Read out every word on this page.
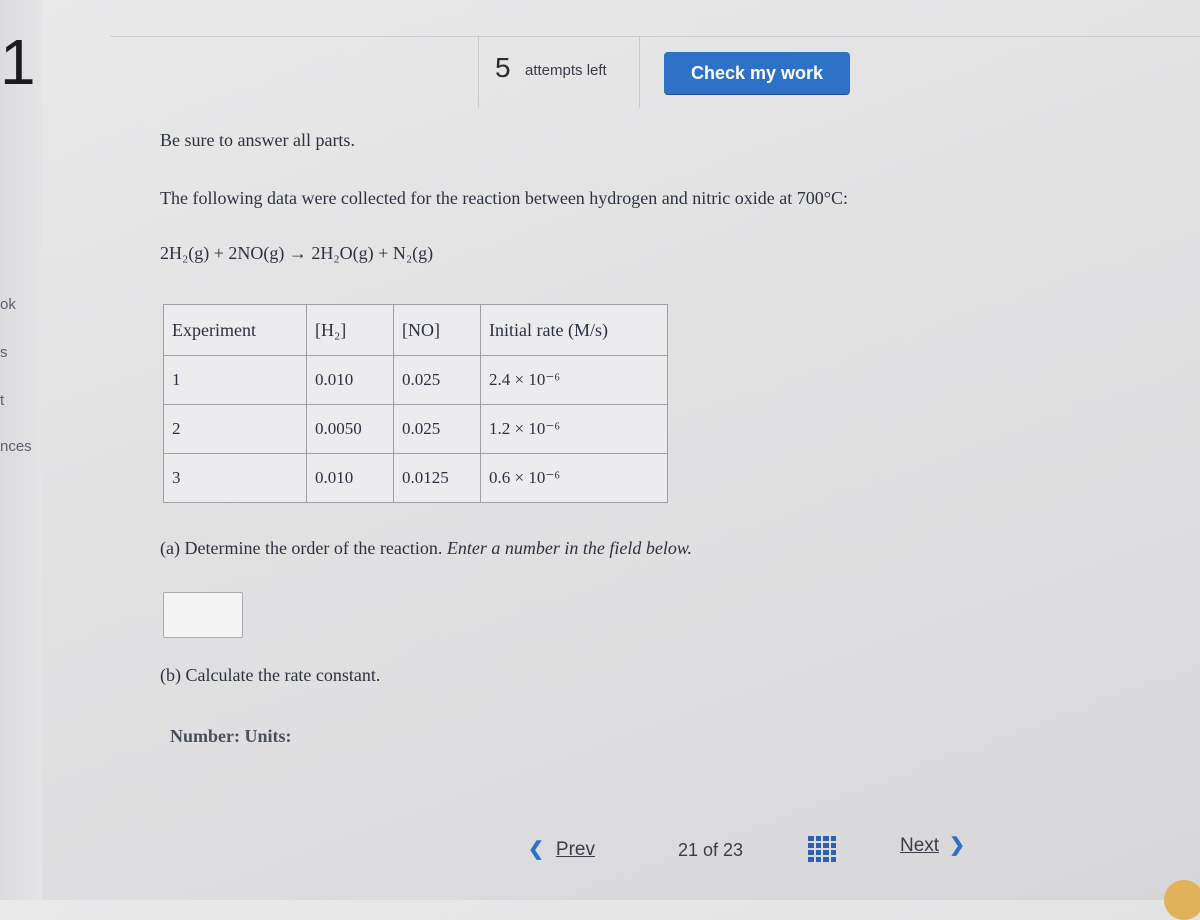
1
ok
s
t
nces
5 attempts left	Check my work
Be sure to answer all parts.
The following data were collected for the reaction between hydrogen and nitric oxide at 700°C:
2H₂(g) + 2NO(g) → 2H₂O(g) + N₂(g)
Experiment	[H₂]	[NO]	Initial rate (M/s)
1	0.010	0.025	2.4 × 10⁻⁶
2	0.0050	0.025	1.2 × 10⁻⁶
3	0.010	0.0125	0.6 × 10⁻⁶
(a) Determine the order of the reaction. Enter a number in the field below.
(b) Calculate the rate constant.
Number: Units:
❮ Prev	21 of 23	Next ❯
